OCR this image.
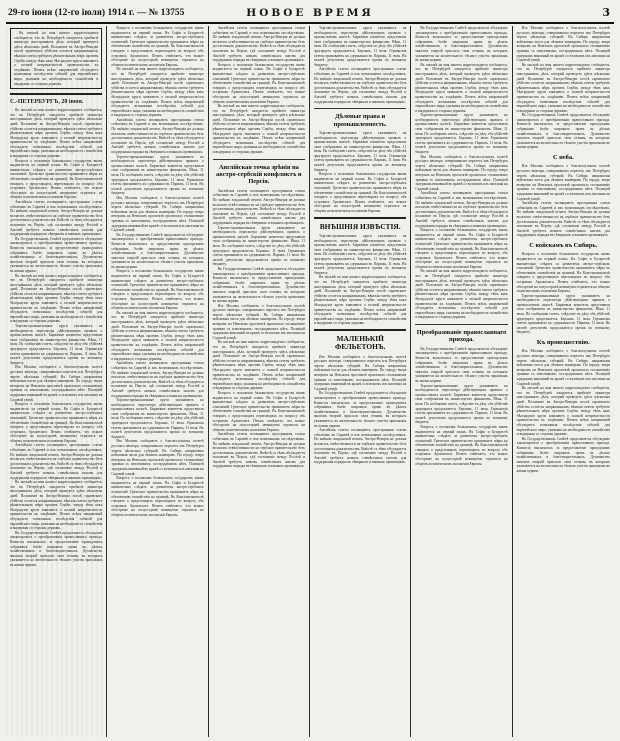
29-го іюня (12-го іюля) 1914 г. — № 13755	НОВОЕ ВРЕМЯ	3

Въ письмѣ на имя нашего корреспондента сообщается, что въ Петербургѣ ожидается прибытіе министра иностранныхъ дѣлъ, который проведетъ здѣсь нѣсколько дней. Положеніе въ Австро-Венгріи послѣ сараевскаго убійства остается напряженнымъ; вѣнскія газеты требуютъ рѣшительныхъ мѣръ противъ Сербіи, между тѣмъ какъ бѣлградскіе круги заявляютъ о полной непричастности правительства къ злодѣянію. Печать всѣхъ направленій обсуждаетъ возможныя послѣдствія событій для европейскаго мира, указывая на необходимость спокойствія и выдержки со стороны державъ.

С.-ПЕТЕРБУРГЪ, 28 іюня.

Въ письмѣ на имя нашего корреспондента сообщается, что въ Петербургѣ ожидается прибытіе министра иностранныхъ дѣлъ, который проведетъ здѣсь нѣсколько дней. Положеніе въ Австро-Венгріи послѣ сараевскаго убійства остается напряженнымъ; вѣнскія газеты требуютъ рѣшительныхъ мѣръ противъ Сербіи, между тѣмъ какъ бѣлградскіе круги заявляютъ о полной непричастности правительства къ злодѣянію. Печать всѣхъ направленій обсуждаетъ возможныя послѣдствія событій для европейскаго мира, указывая на необходимость спокойствія и выдержки со стороны державъ.

Вопросъ о положеніи балканскихъ государствъ вновь выдвигается на первый планъ. Въ Софіи и Бухарестѣ внимательно слѣдятъ за развитіемъ австро-сербскихъ отношеній. Греческое правительство принимаетъ мѣры къ обезпеченію спокойствія на границѣ. Въ Константинополѣ говорятъ о предстоящихъ переговорахъ по вопросу объ островахъ Архипелага. Печать отмѣчаетъ, что всякое обостреніе на полуостровѣ неминуемо отразится на общемъ политическомъ положеніи Европы.

Англійскія газеты посвящаютъ пространныя статьи событіямъ въ Сараевѣ и ихъ возможнымъ послѣдствіямъ. По мнѣнію лондонской печати, Австро-Венгрія не должна возлагать отвѣтственности на сербское правительство безъ достаточныхъ доказательствъ. Вмѣстѣ съ тѣмъ обсуждается положеніе въ Персіи, гдѣ соглашеніе между Россіей и Англіей требуетъ новыхъ совмѣстныхъ шаговъ для поддержанія порядка въ сѣверныхъ и южныхъ провинціяхъ.

Въ Государственномъ Совѣтѣ продолжается обсужденіе законопроекта о преобразованіи православнаго прихода. Комиссія высказалась за предоставленіе приходскимъ собраніямъ болѣе широкихъ правъ въ дѣлахъ хозяйственныхъ и благотворительныхъ. Духовенство многихъ епархій прислало свои отзывы, въ которыхъ указывается на желательность тѣснаго участія прихожанъ въ жизни церкви.

Въ письмѣ на имя нашего корреспондента сообщается, что въ Петербургѣ ожидается прибытіе министра иностранныхъ дѣлъ, который проведетъ здѣсь нѣсколько дней. Положеніе въ Австро-Венгріи послѣ сараевскаго убійства остается напряженнымъ; вѣнскія газеты требуютъ рѣшительныхъ мѣръ противъ Сербіи, между тѣмъ какъ бѣлградскіе круги заявляютъ о полной непричастности правительства къ злодѣянію. Печать всѣхъ направленій обсуждаетъ возможныя послѣдствія событій для европейскаго мира, указывая на необходимость спокойствія и выдержки со стороны державъ.

Торгово-промышленные круги указываютъ на необходимость пересмотра дѣйствующихъ правилъ о промысловомъ налогѣ. Биржевые комитеты представили свои соображенія въ министерство финансовъ. Вѣна, 11 іюля. По сообщенію газетъ, слѣдствіе по дѣлу объ убійствѣ эрцгерцога продолжается. Берлинъ, 11 іюля. Германскія газеты призываютъ къ сдержанности. Парижъ, 11 іюля. Въ палатѣ депутатовъ продолжаются пренія по военному бюджету.

Изъ Москвы сообщаютъ о благополучномъ полетѣ русскаго авіатора, совершившаго перелетъ изъ Петербурга черезъ нѣсколько губерній. Въ Сибирь направлены войсковыя части для лѣтнихъ маневровъ. По городу: вчера вечеромъ на Невскомъ проспектѣ произошло столкновеніе трамвая съ извозчикомъ; пострадавшихъ нѣтъ. Полиціей задержанъ виновный въ кражѣ со взломомъ изъ магазина на Садовой улицѣ.

Вопросъ о положеніи балканскихъ государствъ вновь выдвигается на первый планъ. Въ Софіи и Бухарестѣ внимательно слѣдятъ за развитіемъ австро-сербскихъ отношеній. Греческое правительство принимаетъ мѣры къ обезпеченію спокойствія на границѣ. Въ Константинополѣ говорятъ о предстоящихъ переговорахъ по вопросу объ островахъ Архипелага. Печать отмѣчаетъ, что всякое обостреніе на полуостровѣ неминуемо отразится на общемъ политическомъ положеніи Европы.

Англійскія газеты посвящаютъ пространныя статьи событіямъ въ Сараевѣ и ихъ возможнымъ послѣдствіямъ. По мнѣнію лондонской печати, Австро-Венгрія не должна возлагать отвѣтственности на сербское правительство безъ достаточныхъ доказательствъ. Вмѣстѣ съ тѣмъ обсуждается положеніе въ Персіи, гдѣ соглашеніе между Россіей и Англіей требуетъ новыхъ совмѣстныхъ шаговъ для поддержанія порядка въ сѣверныхъ и южныхъ провинціяхъ.

Въ письмѣ на имя нашего корреспондента сообщается, что въ Петербургѣ ожидается прибытіе министра иностранныхъ дѣлъ, который проведетъ здѣсь нѣсколько дней. Положеніе въ Австро-Венгріи послѣ сараевскаго убійства остается напряженнымъ; вѣнскія газеты требуютъ рѣшительныхъ мѣръ противъ Сербіи, между тѣмъ какъ бѣлградскіе круги заявляютъ о полной непричастности правительства къ злодѣянію. Печать всѣхъ направленій обсуждаетъ возможныя послѣдствія событій для европейскаго мира, указывая на необходимость спокойствія и выдержки со стороны державъ.

Въ Государственномъ Совѣтѣ продолжается обсужденіе законопроекта о преобразованіи православнаго прихода. Комиссія высказалась за предоставленіе приходскимъ собраніямъ болѣе широкихъ правъ въ дѣлахъ хозяйственныхъ и благотворительныхъ. Духовенство многихъ епархій прислало свои отзывы, въ которыхъ указывается на желательность тѣснаго участія прихожанъ въ жизни церкви.

Вопросъ о положеніи балканскихъ государствъ вновь выдвигается на первый планъ. Въ Софіи и Бухарестѣ внимательно слѣдятъ за развитіемъ австро-сербскихъ отношеній. Греческое правительство принимаетъ мѣры къ обезпеченію спокойствія на границѣ. Въ Константинополѣ говорятъ о предстоящихъ переговорахъ по вопросу объ островахъ Архипелага. Печать отмѣчаетъ, что всякое обостреніе на полуостровѣ неминуемо отразится на общемъ политическомъ положеніи Европы.

Въ письмѣ на имя нашего корреспондента сообщается, что въ Петербургѣ ожидается прибытіе министра иностранныхъ дѣлъ, который проведетъ здѣсь нѣсколько дней. Положеніе въ Австро-Венгріи послѣ сараевскаго убійства остается напряженнымъ; вѣнскія газеты требуютъ рѣшительныхъ мѣръ противъ Сербіи, между тѣмъ какъ бѣлградскіе круги заявляютъ о полной непричастности правительства къ злодѣянію. Печать всѣхъ направленій обсуждаетъ возможныя послѣдствія событій для европейскаго мира, указывая на необходимость спокойствія и выдержки со стороны державъ.

Англійскія газеты посвящаютъ пространныя статьи событіямъ въ Сараевѣ и ихъ возможнымъ послѣдствіямъ. По мнѣнію лондонской печати, Австро-Венгрія не должна возлагать отвѣтственности на сербское правительство безъ достаточныхъ доказательствъ. Вмѣстѣ съ тѣмъ обсуждается положеніе въ Персіи, гдѣ соглашеніе между Россіей и Англіей требуетъ новыхъ совмѣстныхъ шаговъ для поддержанія порядка въ сѣверныхъ и южныхъ провинціяхъ.

Торгово-промышленные круги указываютъ на необходимость пересмотра дѣйствующихъ правилъ о промысловомъ налогѣ. Биржевые комитеты представили свои соображенія въ министерство финансовъ. Вѣна, 11 іюля. По сообщенію газетъ, слѣдствіе по дѣлу объ убійствѣ эрцгерцога продолжается. Берлинъ, 11 іюля. Германскія газеты призываютъ къ сдержанности. Парижъ, 11 іюля. Въ палатѣ депутатовъ продолжаются пренія по военному бюджету.

Изъ Москвы сообщаютъ о благополучномъ полетѣ русскаго авіатора, совершившаго перелетъ изъ Петербурга черезъ нѣсколько губерній. Въ Сибирь направлены войсковыя части для лѣтнихъ маневровъ. По городу: вчера вечеромъ на Невскомъ проспектѣ произошло столкновеніе трамвая съ извозчикомъ; пострадавшихъ нѣтъ. Полиціей задержанъ виновный въ кражѣ со взломомъ изъ магазина на Садовой улицѣ.

Въ Государственномъ Совѣтѣ продолжается обсужденіе законопроекта о преобразованіи православнаго прихода. Комиссія высказалась за предоставленіе приходскимъ собраніямъ болѣе широкихъ правъ въ дѣлахъ хозяйственныхъ и благотворительныхъ. Духовенство многихъ епархій прислало свои отзывы, въ которыхъ указывается на желательность тѣснаго участія прихожанъ въ жизни церкви.

Вопросъ о положеніи балканскихъ государствъ вновь выдвигается на первый планъ. Въ Софіи и Бухарестѣ внимательно слѣдятъ за развитіемъ австро-сербскихъ отношеній. Греческое правительство принимаетъ мѣры къ обезпеченію спокойствія на границѣ. Въ Константинополѣ говорятъ о предстоящихъ переговорахъ по вопросу объ островахъ Архипелага. Печать отмѣчаетъ, что всякое обостреніе на полуостровѣ неминуемо отразится на общемъ политическомъ положеніи Европы.

Въ письмѣ на имя нашего корреспондента сообщается, что въ Петербургѣ ожидается прибытіе министра иностранныхъ дѣлъ, который проведетъ здѣсь нѣсколько дней. Положеніе въ Австро-Венгріи послѣ сараевскаго убійства остается напряженнымъ; вѣнскія газеты требуютъ рѣшительныхъ мѣръ противъ Сербіи, между тѣмъ какъ бѣлградскіе круги заявляютъ о полной непричастности правительства къ злодѣянію. Печать всѣхъ направленій обсуждаетъ возможныя послѣдствія событій для европейскаго мира, указывая на необходимость спокойствія и выдержки со стороны державъ.

Англійскія газеты посвящаютъ пространныя статьи событіямъ въ Сараевѣ и ихъ возможнымъ послѣдствіямъ. По мнѣнію лондонской печати, Австро-Венгрія не должна возлагать отвѣтственности на сербское правительство безъ достаточныхъ доказательствъ. Вмѣстѣ съ тѣмъ обсуждается положеніе въ Персіи, гдѣ соглашеніе между Россіей и Англіей требуетъ новыхъ совмѣстныхъ шаговъ для поддержанія порядка въ сѣверныхъ и южныхъ провинціяхъ.

Торгово-промышленные круги указываютъ на необходимость пересмотра дѣйствующихъ правилъ о промысловомъ налогѣ. Биржевые комитеты представили свои соображенія въ министерство финансовъ. Вѣна, 11 іюля. По сообщенію газетъ, слѣдствіе по дѣлу объ убійствѣ эрцгерцога продолжается. Берлинъ, 11 іюля. Германскія газеты призываютъ къ сдержанности. Парижъ, 11 іюля. Въ палатѣ депутатовъ продолжаются пренія по военному бюджету.

Изъ Москвы сообщаютъ о благополучномъ полетѣ русскаго авіатора, совершившаго перелетъ изъ Петербурга черезъ нѣсколько губерній. Въ Сибирь направлены войсковыя части для лѣтнихъ маневровъ. По городу: вчера вечеромъ на Невскомъ проспектѣ произошло столкновеніе трамвая съ извозчикомъ; пострадавшихъ нѣтъ. Полиціей задержанъ виновный въ кражѣ со взломомъ изъ магазина на Садовой улицѣ.

Вопросъ о положеніи балканскихъ государствъ вновь выдвигается на первый планъ. Въ Софіи и Бухарестѣ внимательно слѣдятъ за развитіемъ австро-сербскихъ отношеній. Греческое правительство принимаетъ мѣры къ обезпеченію спокойствія на границѣ. Въ Константинополѣ говорятъ о предстоящихъ переговорахъ по вопросу объ островахъ Архипелага. Печать отмѣчаетъ, что всякое обостреніе на полуостровѣ неминуемо отразится на общемъ политическомъ положеніи Европы.

Англійскія газеты посвящаютъ пространныя статьи событіямъ въ Сараевѣ и ихъ возможнымъ послѣдствіямъ. По мнѣнію лондонской печати, Австро-Венгрія не должна возлагать отвѣтственности на сербское правительство безъ достаточныхъ доказательствъ. Вмѣстѣ съ тѣмъ обсуждается положеніе въ Персіи, гдѣ соглашеніе между Россіей и Англіей требуетъ новыхъ совмѣстныхъ шаговъ для поддержанія порядка въ сѣверныхъ и южныхъ провинціяхъ.

Вопросъ о положеніи балканскихъ государствъ вновь выдвигается на первый планъ. Въ Софіи и Бухарестѣ внимательно слѣдятъ за развитіемъ австро-сербскихъ отношеній. Греческое правительство принимаетъ мѣры къ обезпеченію спокойствія на границѣ. Въ Константинополѣ говорятъ о предстоящихъ переговорахъ по вопросу объ островахъ Архипелага. Печать отмѣчаетъ, что всякое обостреніе на полуостровѣ неминуемо отразится на общемъ политическомъ положеніи Европы.

Въ письмѣ на имя нашего корреспондента сообщается, что въ Петербургѣ ожидается прибытіе министра иностранныхъ дѣлъ, который проведетъ здѣсь нѣсколько дней. Положеніе въ Австро-Венгріи послѣ сараевскаго убійства остается напряженнымъ; вѣнскія газеты требуютъ рѣшительныхъ мѣръ противъ Сербіи, между тѣмъ какъ бѣлградскіе круги заявляютъ о полной непричастности правительства къ злодѣянію. Печать всѣхъ направленій обсуждаетъ возможныя послѣдствія событій для европейскаго мира, указывая на необходимость спокойствія и выдержки со стороны державъ.

Англійская точка зрѣнія на австро-сербскій конфликтъ и Персія.

Англійскія газеты посвящаютъ пространныя статьи событіямъ въ Сараевѣ и ихъ возможнымъ послѣдствіямъ. По мнѣнію лондонской печати, Австро-Венгрія не должна возлагать отвѣтственности на сербское правительство безъ достаточныхъ доказательствъ. Вмѣстѣ съ тѣмъ обсуждается положеніе въ Персіи, гдѣ соглашеніе между Россіей и Англіей требуетъ новыхъ совмѣстныхъ шаговъ для поддержанія порядка въ сѣверныхъ и южныхъ провинціяхъ.

Торгово-промышленные круги указываютъ на необходимость пересмотра дѣйствующихъ правилъ о промысловомъ налогѣ. Биржевые комитеты представили свои соображенія въ министерство финансовъ. Вѣна, 11 іюля. По сообщенію газетъ, слѣдствіе по дѣлу объ убійствѣ эрцгерцога продолжается. Берлинъ, 11 іюля. Германскія газеты призываютъ къ сдержанности. Парижъ, 11 іюля. Въ палатѣ депутатовъ продолжаются пренія по военному бюджету.

Въ Государственномъ Совѣтѣ продолжается обсужденіе законопроекта о преобразованіи православнаго прихода. Комиссія высказалась за предоставленіе приходскимъ собраніямъ болѣе широкихъ правъ въ дѣлахъ хозяйственныхъ и благотворительныхъ. Духовенство многихъ епархій прислало свои отзывы, въ которыхъ указывается на желательность тѣснаго участія прихожанъ въ жизни церкви.

Изъ Москвы сообщаютъ о благополучномъ полетѣ русскаго авіатора, совершившаго перелетъ изъ Петербурга черезъ нѣсколько губерній. Въ Сибирь направлены войсковыя части для лѣтнихъ маневровъ. По городу: вчера вечеромъ на Невскомъ проспектѣ произошло столкновеніе трамвая съ извозчикомъ; пострадавшихъ нѣтъ. Полиціей задержанъ виновный въ кражѣ со взломомъ изъ магазина на Садовой улицѣ.

Въ письмѣ на имя нашего корреспондента сообщается, что въ Петербургѣ ожидается прибытіе министра иностранныхъ дѣлъ, который проведетъ здѣсь нѣсколько дней. Положеніе въ Австро-Венгріи послѣ сараевскаго убійства остается напряженнымъ; вѣнскія газеты требуютъ рѣшительныхъ мѣръ противъ Сербіи, между тѣмъ какъ бѣлградскіе круги заявляютъ о полной непричастности правительства къ злодѣянію. Печать всѣхъ направленій обсуждаетъ возможныя послѣдствія событій для европейскаго мира, указывая на необходимость спокойствія и выдержки со стороны державъ.

Вопросъ о положеніи балканскихъ государствъ вновь выдвигается на первый планъ. Въ Софіи и Бухарестѣ внимательно слѣдятъ за развитіемъ австро-сербскихъ отношеній. Греческое правительство принимаетъ мѣры къ обезпеченію спокойствія на границѣ. Въ Константинополѣ говорятъ о предстоящихъ переговорахъ по вопросу объ островахъ Архипелага. Печать отмѣчаетъ, что всякое обостреніе на полуостровѣ неминуемо отразится на общемъ политическомъ положеніи Европы.

Англійскія газеты посвящаютъ пространныя статьи событіямъ въ Сараевѣ и ихъ возможнымъ послѣдствіямъ. По мнѣнію лондонской печати, Австро-Венгрія не должна возлагать отвѣтственности на сербское правительство безъ достаточныхъ доказательствъ. Вмѣстѣ съ тѣмъ обсуждается положеніе въ Персіи, гдѣ соглашеніе между Россіей и Англіей требуетъ новыхъ совмѣстныхъ шаговъ для поддержанія порядка въ сѣверныхъ и южныхъ провинціяхъ.

Торгово-промышленные круги указываютъ на необходимость пересмотра дѣйствующихъ правилъ о промысловомъ налогѣ. Биржевые комитеты представили свои соображенія въ министерство финансовъ. Вѣна, 11 іюля. По сообщенію газетъ, слѣдствіе по дѣлу объ убійствѣ эрцгерцога продолжается. Берлинъ, 11 іюля. Германскія газеты призываютъ къ сдержанности. Парижъ, 11 іюля. Въ палатѣ депутатовъ продолжаются пренія по военному бюджету.

Англійскія газеты посвящаютъ пространныя статьи событіямъ въ Сараевѣ и ихъ возможнымъ послѣдствіямъ. По мнѣнію лондонской печати, Австро-Венгрія не должна возлагать отвѣтственности на сербское правительство безъ достаточныхъ доказательствъ. Вмѣстѣ съ тѣмъ обсуждается положеніе въ Персіи, гдѣ соглашеніе между Россіей и Англіей требуетъ новыхъ совмѣстныхъ шаговъ для поддержанія порядка въ сѣверныхъ и южныхъ провинціяхъ.

Дѣловые права и промышленность.

Торгово-промышленные круги указываютъ на необходимость пересмотра дѣйствующихъ правилъ о промысловомъ налогѣ. Биржевые комитеты представили свои соображенія въ министерство финансовъ. Вѣна, 11 іюля. По сообщенію газетъ, слѣдствіе по дѣлу объ убійствѣ эрцгерцога продолжается. Берлинъ, 11 іюля. Германскія газеты призываютъ къ сдержанности. Парижъ, 11 іюля. Въ палатѣ депутатовъ продолжаются пренія по военному бюджету.

Вопросъ о положеніи балканскихъ государствъ вновь выдвигается на первый планъ. Въ Софіи и Бухарестѣ внимательно слѣдятъ за развитіемъ австро-сербскихъ отношеній. Греческое правительство принимаетъ мѣры къ обезпеченію спокойствія на границѣ. Въ Константинополѣ говорятъ о предстоящихъ переговорахъ по вопросу объ островахъ Архипелага. Печать отмѣчаетъ, что всякое обостреніе на полуостровѣ неминуемо отразится на общемъ политическомъ положеніи Европы.

ВНѢШНІЯ ИЗВѢСТІЯ.

Торгово-промышленные круги указываютъ на необходимость пересмотра дѣйствующихъ правилъ о промысловомъ налогѣ. Биржевые комитеты представили свои соображенія въ министерство финансовъ. Вѣна, 11 іюля. По сообщенію газетъ, слѣдствіе по дѣлу объ убійствѣ эрцгерцога продолжается. Берлинъ, 11 іюля. Германскія газеты призываютъ къ сдержанности. Парижъ, 11 іюля. Въ палатѣ депутатовъ продолжаются пренія по военному бюджету.

Въ письмѣ на имя нашего корреспондента сообщается, что въ Петербургѣ ожидается прибытіе министра иностранныхъ дѣлъ, который проведетъ здѣсь нѣсколько дней. Положеніе въ Австро-Венгріи послѣ сараевскаго убійства остается напряженнымъ; вѣнскія газеты требуютъ рѣшительныхъ мѣръ противъ Сербіи, между тѣмъ какъ бѣлградскіе круги заявляютъ о полной непричастности правительства къ злодѣянію. Печать всѣхъ направленій обсуждаетъ возможныя послѣдствія событій для европейскаго мира, указывая на необходимость спокойствія и выдержки со стороны державъ.

МАЛЕНЬКІЙ ФЕЛЬЕТОНЪ.

Изъ Москвы сообщаютъ о благополучномъ полетѣ русскаго авіатора, совершившаго перелетъ изъ Петербурга черезъ нѣсколько губерній. Въ Сибирь направлены войсковыя части для лѣтнихъ маневровъ. По городу: вчера вечеромъ на Невскомъ проспектѣ произошло столкновеніе трамвая съ извозчикомъ; пострадавшихъ нѣтъ. Полиціей задержанъ виновный въ кражѣ со взломомъ изъ магазина на Садовой улицѣ.

Въ Государственномъ Совѣтѣ продолжается обсужденіе законопроекта о преобразованіи православнаго прихода. Комиссія высказалась за предоставленіе приходскимъ собраніямъ болѣе широкихъ правъ въ дѣлахъ хозяйственныхъ и благотворительныхъ. Духовенство многихъ епархій прислало свои отзывы, въ которыхъ указывается на желательность тѣснаго участія прихожанъ въ жизни церкви.

Англійскія газеты посвящаютъ пространныя статьи событіямъ въ Сараевѣ и ихъ возможнымъ послѣдствіямъ. По мнѣнію лондонской печати, Австро-Венгрія не должна возлагать отвѣтственности на сербское правительство безъ достаточныхъ доказательствъ. Вмѣстѣ съ тѣмъ обсуждается положеніе въ Персіи, гдѣ соглашеніе между Россіей и Англіей требуетъ новыхъ совмѣстныхъ шаговъ для поддержанія порядка въ сѣверныхъ и южныхъ провинціяхъ.

Въ Государственномъ Совѣтѣ продолжается обсужденіе законопроекта о преобразованіи православнаго прихода. Комиссія высказалась за предоставленіе приходскимъ собраніямъ болѣе широкихъ правъ въ дѣлахъ хозяйственныхъ и благотворительныхъ. Духовенство многихъ епархій прислало свои отзывы, въ которыхъ указывается на желательность тѣснаго участія прихожанъ въ жизни церкви.

Въ письмѣ на имя нашего корреспондента сообщается, что въ Петербургѣ ожидается прибытіе министра иностранныхъ дѣлъ, который проведетъ здѣсь нѣсколько дней. Положеніе въ Австро-Венгріи послѣ сараевскаго убійства остается напряженнымъ; вѣнскія газеты требуютъ рѣшительныхъ мѣръ противъ Сербіи, между тѣмъ какъ бѣлградскіе круги заявляютъ о полной непричастности правительства къ злодѣянію. Печать всѣхъ направленій обсуждаетъ возможныя послѣдствія событій для европейскаго мира, указывая на необходимость спокойствія и выдержки со стороны державъ.

Торгово-промышленные круги указываютъ на необходимость пересмотра дѣйствующихъ правилъ о промысловомъ налогѣ. Биржевые комитеты представили свои соображенія въ министерство финансовъ. Вѣна, 11 іюля. По сообщенію газетъ, слѣдствіе по дѣлу объ убійствѣ эрцгерцога продолжается. Берлинъ, 11 іюля. Германскія газеты призываютъ къ сдержанности. Парижъ, 11 іюля. Въ палатѣ депутатовъ продолжаются пренія по военному бюджету.

Изъ Москвы сообщаютъ о благополучномъ полетѣ русскаго авіатора, совершившаго перелетъ изъ Петербурга черезъ нѣсколько губерній. Въ Сибирь направлены войсковыя части для лѣтнихъ маневровъ. По городу: вчера вечеромъ на Невскомъ проспектѣ произошло столкновеніе трамвая съ извозчикомъ; пострадавшихъ нѣтъ. Полиціей задержанъ виновный въ кражѣ со взломомъ изъ магазина на Садовой улицѣ.

Англійскія газеты посвящаютъ пространныя статьи событіямъ въ Сараевѣ и ихъ возможнымъ послѣдствіямъ. По мнѣнію лондонской печати, Австро-Венгрія не должна возлагать отвѣтственности на сербское правительство безъ достаточныхъ доказательствъ. Вмѣстѣ съ тѣмъ обсуждается положеніе въ Персіи, гдѣ соглашеніе между Россіей и Англіей требуетъ новыхъ совмѣстныхъ шаговъ для поддержанія порядка въ сѣверныхъ и южныхъ провинціяхъ.

Вопросъ о положеніи балканскихъ государствъ вновь выдвигается на первый планъ. Въ Софіи и Бухарестѣ внимательно слѣдятъ за развитіемъ австро-сербскихъ отношеній. Греческое правительство принимаетъ мѣры къ обезпеченію спокойствія на границѣ. Въ Константинополѣ говорятъ о предстоящихъ переговорахъ по вопросу объ островахъ Архипелага. Печать отмѣчаетъ, что всякое обостреніе на полуостровѣ неминуемо отразится на общемъ политическомъ положеніи Европы.

Въ письмѣ на имя нашего корреспондента сообщается, что въ Петербургѣ ожидается прибытіе министра иностранныхъ дѣлъ, который проведетъ здѣсь нѣсколько дней. Положеніе въ Австро-Венгріи послѣ сараевскаго убійства остается напряженнымъ; вѣнскія газеты требуютъ рѣшительныхъ мѣръ противъ Сербіи, между тѣмъ какъ бѣлградскіе круги заявляютъ о полной непричастности правительства къ злодѣянію. Печать всѣхъ направленій обсуждаетъ возможныя послѣдствія событій для европейскаго мира, указывая на необходимость спокойствія и выдержки со стороны державъ.

Преобразованіе православнаго прихода.

Въ Государственномъ Совѣтѣ продолжается обсужденіе законопроекта о преобразованіи православнаго прихода. Комиссія высказалась за предоставленіе приходскимъ собраніямъ болѣе широкихъ правъ въ дѣлахъ хозяйственныхъ и благотворительныхъ. Духовенство многихъ епархій прислало свои отзывы, въ которыхъ указывается на желательность тѣснаго участія прихожанъ въ жизни церкви.

Торгово-промышленные круги указываютъ на необходимость пересмотра дѣйствующихъ правилъ о промысловомъ налогѣ. Биржевые комитеты представили свои соображенія въ министерство финансовъ. Вѣна, 11 іюля. По сообщенію газетъ, слѣдствіе по дѣлу объ убійствѣ эрцгерцога продолжается. Берлинъ, 11 іюля. Германскія газеты призываютъ къ сдержанности. Парижъ, 11 іюля. Въ палатѣ депутатовъ продолжаются пренія по военному бюджету.

Вопросъ о положеніи балканскихъ государствъ вновь выдвигается на первый планъ. Въ Софіи и Бухарестѣ внимательно слѣдятъ за развитіемъ австро-сербскихъ отношеній. Греческое правительство принимаетъ мѣры къ обезпеченію спокойствія на границѣ. Въ Константинополѣ говорятъ о предстоящихъ переговорахъ по вопросу объ островахъ Архипелага. Печать отмѣчаетъ, что всякое обостреніе на полуостровѣ неминуемо отразится на общемъ политическомъ положеніи Европы.

Изъ Москвы сообщаютъ о благополучномъ полетѣ русскаго авіатора, совершившаго перелетъ изъ Петербурга черезъ нѣсколько губерній. Въ Сибирь направлены войсковыя части для лѣтнихъ маневровъ. По городу: вчера вечеромъ на Невскомъ проспектѣ произошло столкновеніе трамвая съ извозчикомъ; пострадавшихъ нѣтъ. Полиціей задержанъ виновный въ кражѣ со взломомъ изъ магазина на Садовой улицѣ.

Въ письмѣ на имя нашего корреспондента сообщается, что въ Петербургѣ ожидается прибытіе министра иностранныхъ дѣлъ, который проведетъ здѣсь нѣсколько дней. Положеніе въ Австро-Венгріи послѣ сараевскаго убійства остается напряженнымъ; вѣнскія газеты требуютъ рѣшительныхъ мѣръ противъ Сербіи, между тѣмъ какъ бѣлградскіе круги заявляютъ о полной непричастности правительства къ злодѣянію. Печать всѣхъ направленій обсуждаетъ возможныя послѣдствія событій для европейскаго мира, указывая на необходимость спокойствія и выдержки со стороны державъ.

Въ Государственномъ Совѣтѣ продолжается обсужденіе законопроекта о преобразованіи православнаго прихода. Комиссія высказалась за предоставленіе приходскимъ собраніямъ болѣе широкихъ правъ въ дѣлахъ хозяйственныхъ и благотворительныхъ. Духовенство многихъ епархій прислало свои отзывы, въ которыхъ указывается на желательность тѣснаго участія прихожанъ въ жизни церкви.

С неба.

Изъ Москвы сообщаютъ о благополучномъ полетѣ русскаго авіатора, совершившаго перелетъ изъ Петербурга черезъ нѣсколько губерній. Въ Сибирь направлены войсковыя части для лѣтнихъ маневровъ. По городу: вчера вечеромъ на Невскомъ проспектѣ произошло столкновеніе трамвая съ извозчикомъ; пострадавшихъ нѣтъ. Полиціей задержанъ виновный въ кражѣ со взломомъ изъ магазина на Садовой улицѣ.

Англійскія газеты посвящаютъ пространныя статьи событіямъ въ Сараевѣ и ихъ возможнымъ послѣдствіямъ. По мнѣнію лондонской печати, Австро-Венгрія не должна возлагать отвѣтственности на сербское правительство безъ достаточныхъ доказательствъ. Вмѣстѣ съ тѣмъ обсуждается положеніе въ Персіи, гдѣ соглашеніе между Россіей и Англіей требуетъ новыхъ совмѣстныхъ шаговъ для поддержанія порядка въ сѣверныхъ и южныхъ провинціяхъ.

С войскамъ въ Сибирь.

Вопросъ о положеніи балканскихъ государствъ вновь выдвигается на первый планъ. Въ Софіи и Бухарестѣ внимательно слѣдятъ за развитіемъ австро-сербскихъ отношеній. Греческое правительство принимаетъ мѣры къ обезпеченію спокойствія на границѣ. Въ Константинополѣ говорятъ о предстоящихъ переговорахъ по вопросу объ островахъ Архипелага. Печать отмѣчаетъ, что всякое обостреніе на полуостровѣ неминуемо отразится на общемъ политическомъ положеніи Европы.

Торгово-промышленные круги указываютъ на необходимость пересмотра дѣйствующихъ правилъ о промысловомъ налогѣ. Биржевые комитеты представили свои соображенія въ министерство финансовъ. Вѣна, 11 іюля. По сообщенію газетъ, слѣдствіе по дѣлу объ убійствѣ эрцгерцога продолжается. Берлинъ, 11 іюля. Германскія газеты призываютъ къ сдержанности. Парижъ, 11 іюля. Въ палатѣ депутатовъ продолжаются пренія по военному бюджету.

Къ происшествію.

Изъ Москвы сообщаютъ о благополучномъ полетѣ русскаго авіатора, совершившаго перелетъ изъ Петербурга черезъ нѣсколько губерній. Въ Сибирь направлены войсковыя части для лѣтнихъ маневровъ. По городу: вчера вечеромъ на Невскомъ проспектѣ произошло столкновеніе трамвая съ извозчикомъ; пострадавшихъ нѣтъ. Полиціей задержанъ виновный въ кражѣ со взломомъ изъ магазина на Садовой улицѣ.

Въ письмѣ на имя нашего корреспондента сообщается, что въ Петербургѣ ожидается прибытіе министра иностранныхъ дѣлъ, который проведетъ здѣсь нѣсколько дней. Положеніе въ Австро-Венгріи послѣ сараевскаго убійства остается напряженнымъ; вѣнскія газеты требуютъ рѣшительныхъ мѣръ противъ Сербіи, между тѣмъ какъ бѣлградскіе круги заявляютъ о полной непричастности правительства къ злодѣянію. Печать всѣхъ направленій обсуждаетъ возможныя послѣдствія событій для европейскаго мира, указывая на необходимость спокойствія и выдержки со стороны державъ.

Въ Государственномъ Совѣтѣ продолжается обсужденіе законопроекта о преобразованіи православнаго прихода. Комиссія высказалась за предоставленіе приходскимъ собраніямъ болѣе широкихъ правъ въ дѣлахъ хозяйственныхъ и благотворительныхъ. Духовенство многихъ епархій прислало свои отзывы, въ которыхъ указывается на желательность тѣснаго участія прихожанъ въ жизни церкви.
